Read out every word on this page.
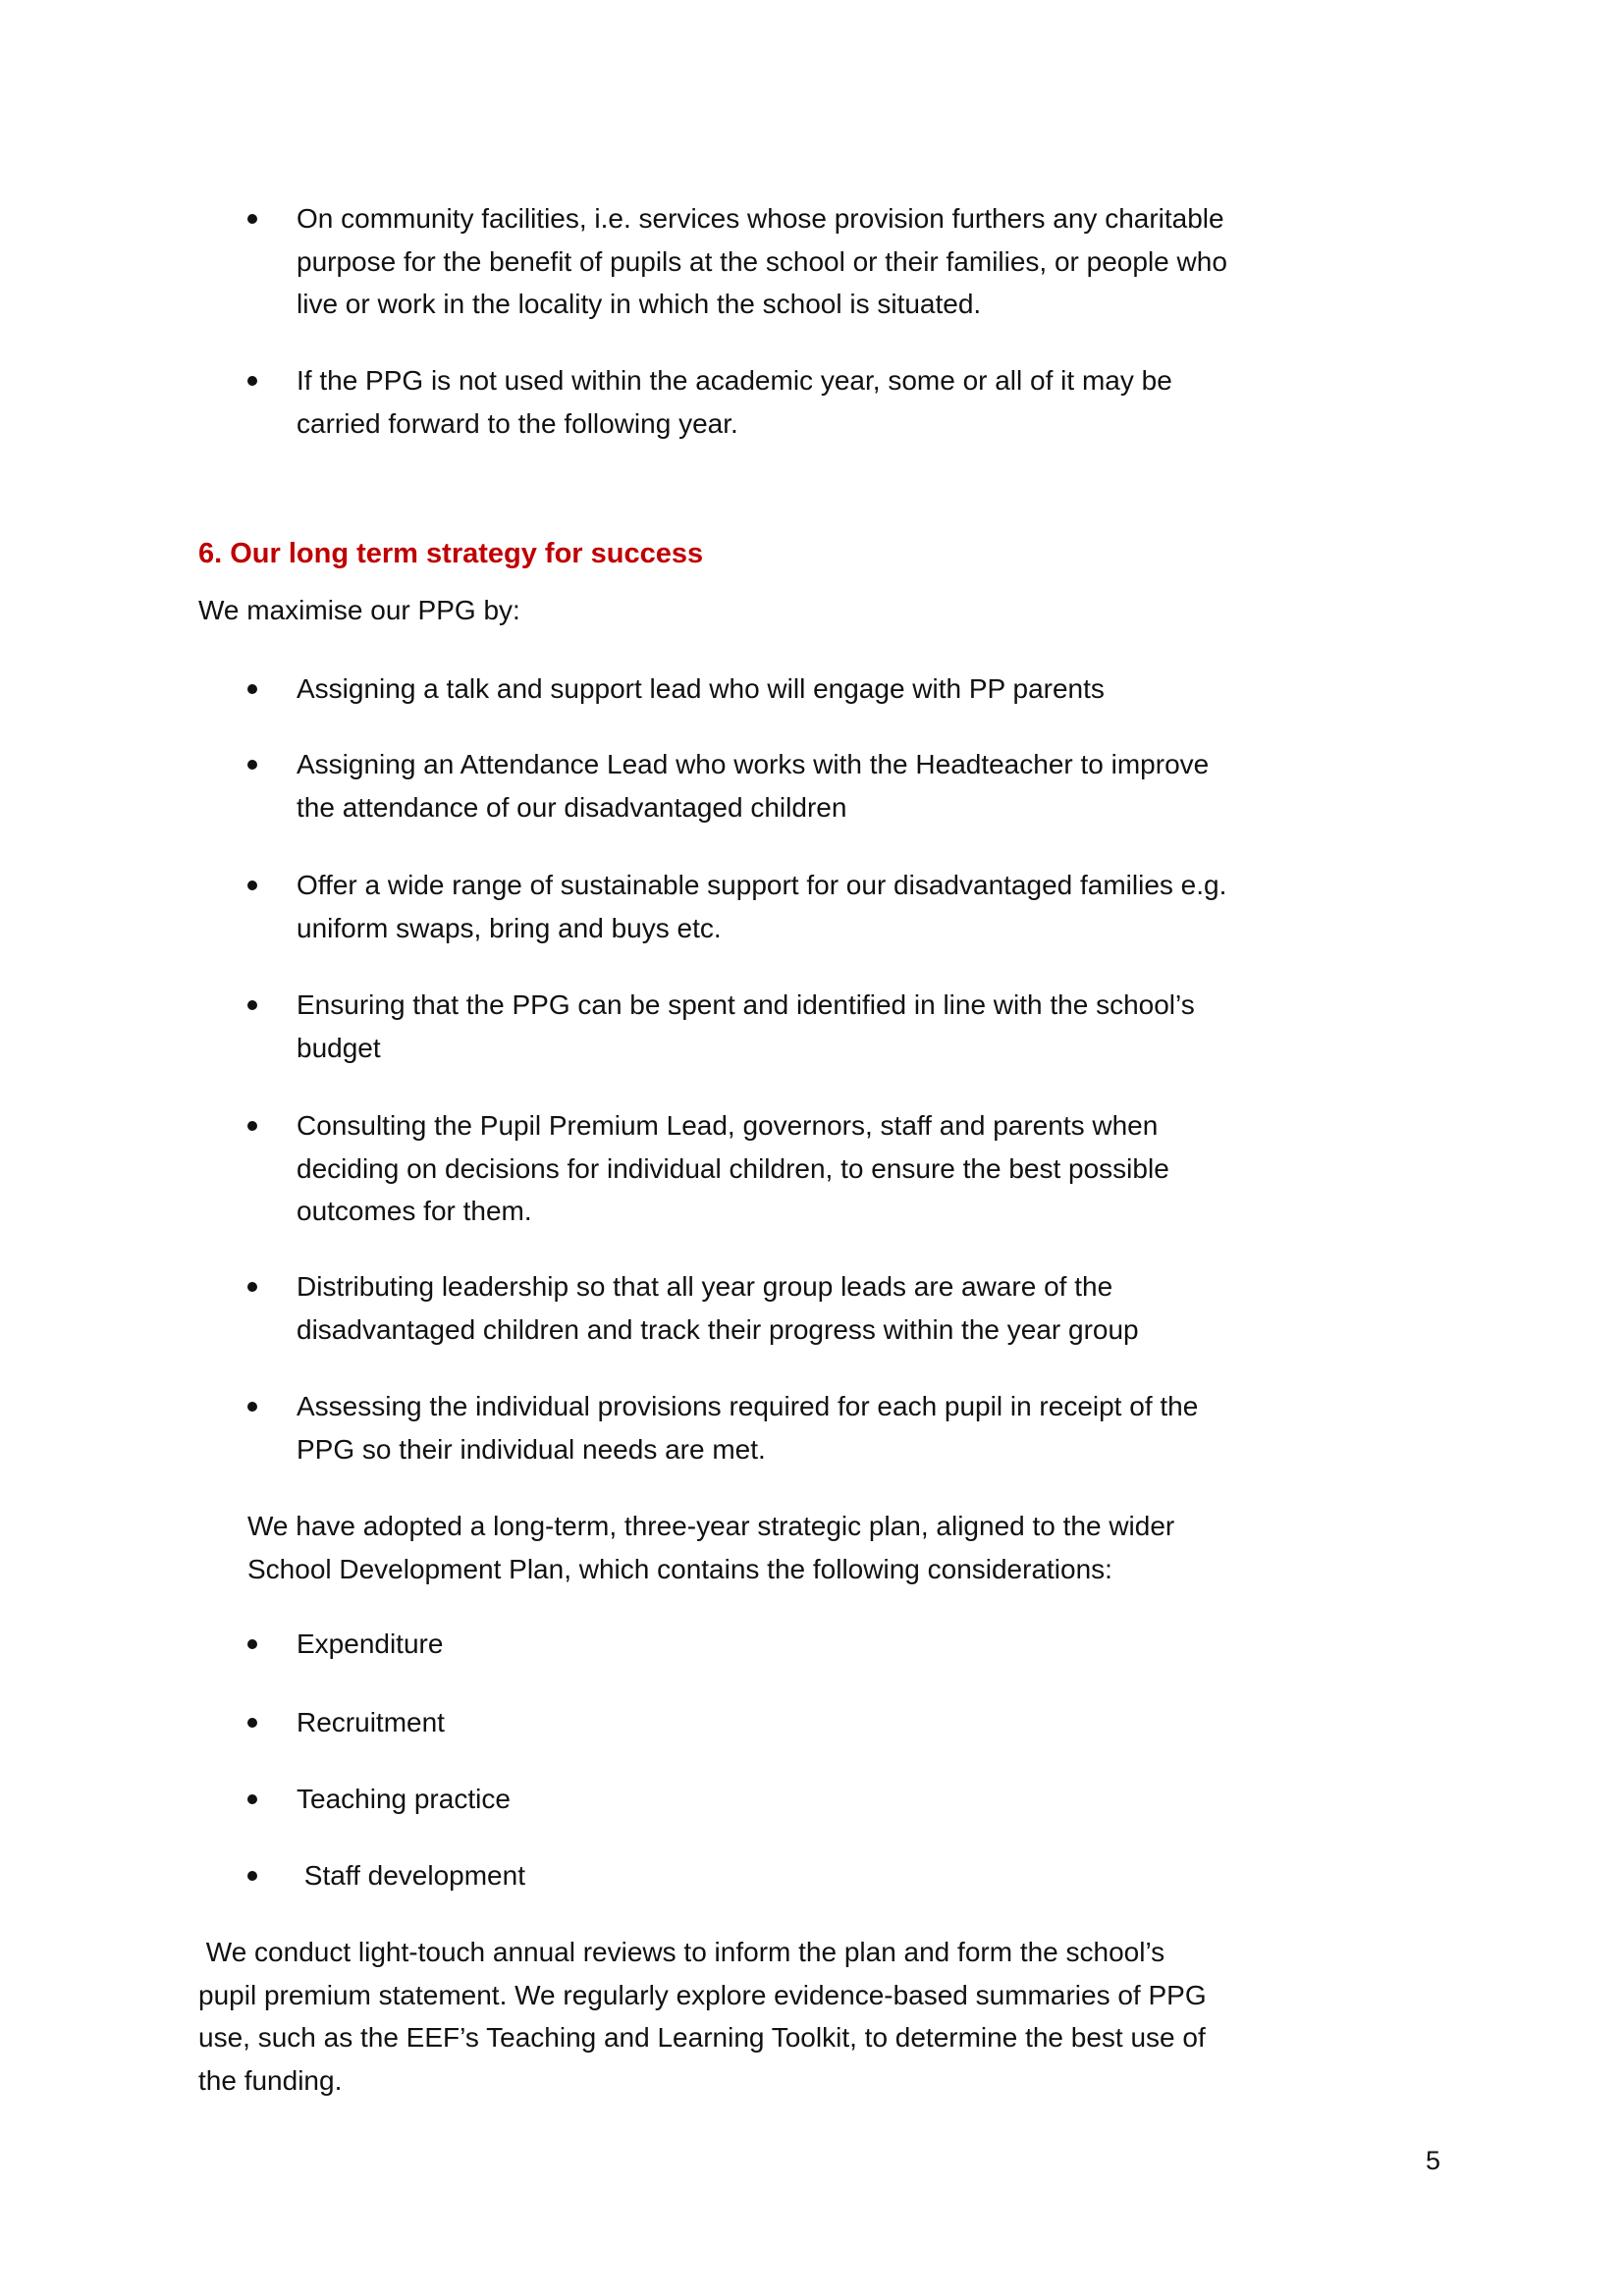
On community facilities, i.e. services whose provision furthers any charitable
purpose for the benefit of pupils at the school or their families, or people who
live or work in the locality in which the school is situated.
If the PPG is not used within the academic year, some or all of it may be
carried forward to the following year.
6. Our long term strategy for success
We maximise our PPG by:
Assigning a talk and support lead who will engage with PP parents
Assigning an Attendance Lead who works with the Headteacher to improve
the attendance of our disadvantaged children
Offer a wide range of sustainable support for our disadvantaged families e.g.
uniform swaps, bring and buys etc.
Ensuring that the PPG can be spent and identified in line with the school’s
budget
Consulting the Pupil Premium Lead, governors, staff and parents when
deciding on decisions for individual children, to ensure the best possible
outcomes for them.
Distributing leadership so that all year group leads are aware of the
disadvantaged children and track their progress within the year group
Assessing the individual provisions required for each pupil in receipt of the
PPG so their individual needs are met.
We have adopted a long-term, three-year strategic plan, aligned to the wider
School Development Plan, which contains the following considerations:
Expenditure
Recruitment
Teaching practice
Staff development
We conduct light-touch annual reviews to inform the plan and form the school’s
pupil premium statement. We regularly explore evidence-based summaries of PPG
use, such as the EEF’s Teaching and Learning Toolkit, to determine the best use of
the funding.
5
